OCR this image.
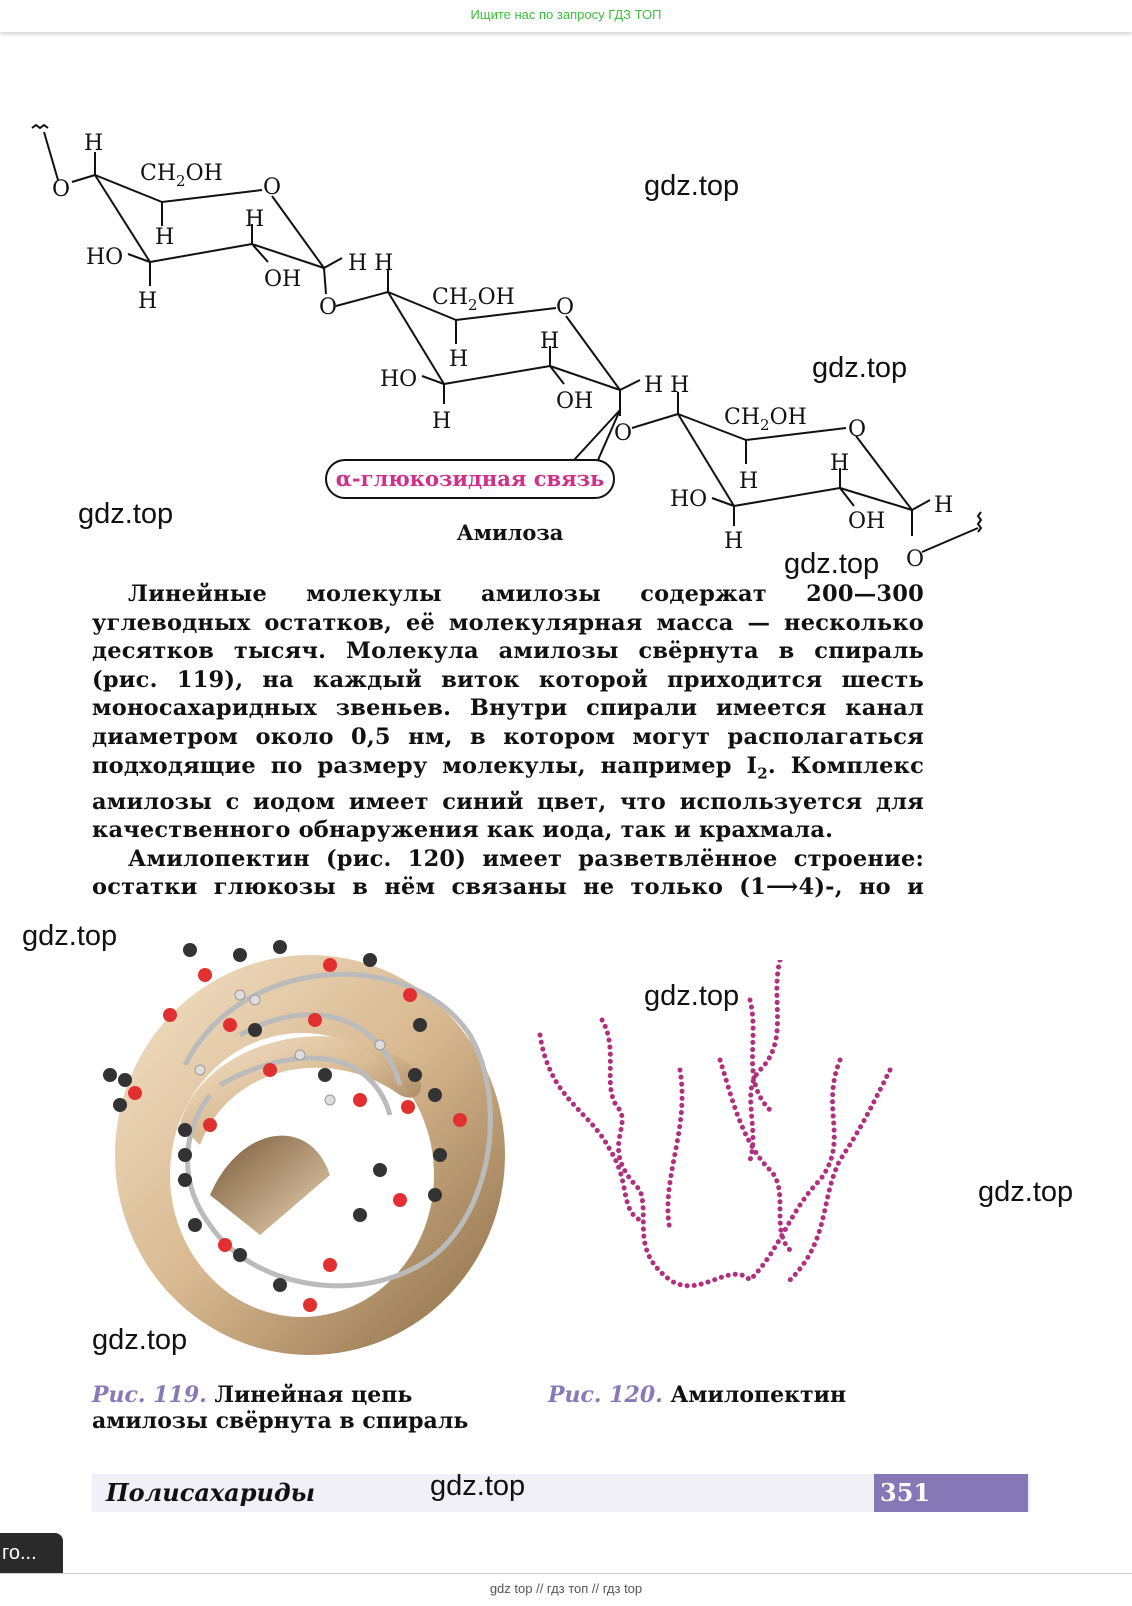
Ищите нас по запросу ГДЗ ТОП
α-глюкозидная связь
Амилоза
H
O
$CH_2OH$
O
H
H
HO
OH
H
H H
O	$CH_2OH$ O
H
H
HO
OH
H
H H
O
$CH_2OH$ O
H
H
HO
OH
H
H
O
gdz.top
gdz.top
gdz.top
gdz.top

Линейные молекулы амилозы содержат 200—300 углеводных остатков, её молекулярная масса — несколько десятков тысяч. Молекула амилозы свёрнута в спираль (рис. 119), на каждый виток которой приходится шесть моносахаридных звеньев. Внутри спирали имеется канал диаметром около 0,5 нм, в котором могут располагаться подходящие по размеру молекулы, например $I_2$. Комплекс амилозы с иодом имеет синий цвет, что используется для качественного обнаружения как иода, так и крахмала.

Амилопектин (рис. 120) имеет разветвлённое строение: остатки глюкозы в нём связаны не только (1⟶4)-, но и

gdz.top
gdz.top
gdz.top
gdz.top
Рис. 119. Линейная цепь
амилозы свёрнута в спираль
Рис. 120. Амилопектин
Полисахариды	gdz.top	351
го...
gdz top // гдз топ // гдз top
